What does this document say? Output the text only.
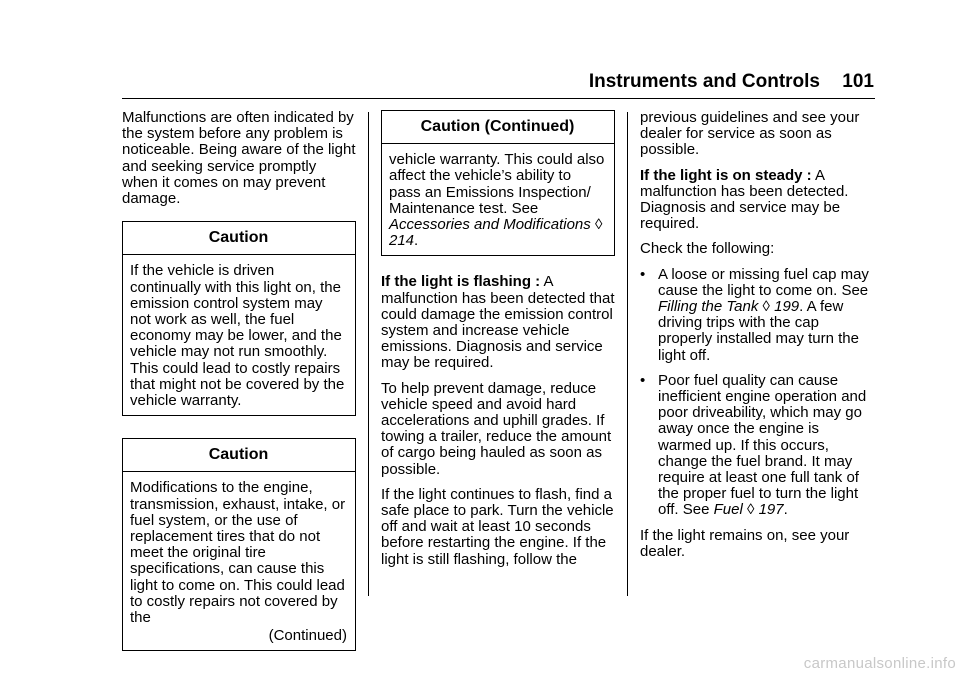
Instruments and Controls 101

Malfunctions are often indicated by the system before any problem is noticeable. Being aware of the light and seeking service promptly when it comes on may prevent damage.

Caution
If the vehicle is driven continually with this light on, the emission control system may not work as well, the fuel economy may be lower, and the vehicle may not run smoothly. This could lead to costly repairs that might not be covered by the vehicle warranty.
Caution
Modifications to the engine, transmission, exhaust, intake, or fuel system, or the use of replacement tires that do not meet the original tire specifications, can cause this light to come on. This could lead to costly repairs not covered by the
(Continued)
Caution (Continued)
vehicle warranty. This could also affect the vehicle’s ability to pass an Emissions Inspection/ Maintenance test. See Accessories and Modifications ◊ 214.

If the light is flashing : A malfunction has been detected that could damage the emission control system and increase vehicle emissions. Diagnosis and service may be required.

To help prevent damage, reduce vehicle speed and avoid hard accelerations and uphill grades. If towing a trailer, reduce the amount of cargo being hauled as soon as possible.

If the light continues to flash, find a safe place to park. Turn the vehicle off and wait at least 10 seconds before restarting the engine. If the light is still flashing, follow the

previous guidelines and see your dealer for service as soon as possible.

If the light is on steady : A malfunction has been detected. Diagnosis and service may be required.

Check the following:

• A loose or missing fuel cap may cause the light to come on. See Filling the Tank ◊ 199. A few driving trips with the cap properly installed may turn the light off.
• Poor fuel quality can cause inefficient engine operation and poor driveability, which may go away once the engine is warmed up. If this occurs, change the fuel brand. It may require at least one full tank of the proper fuel to turn the light off. See Fuel ◊ 197.

If the light remains on, see your dealer.

carmanualsonline.info
